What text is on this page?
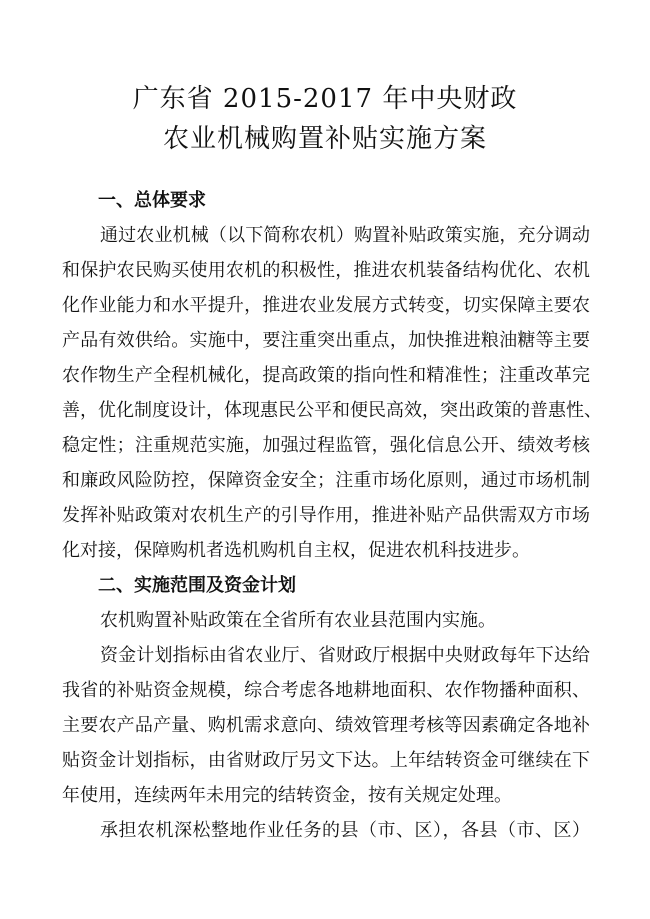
广东省 2015-2017 年中央财政
农业机械购置补贴实施方案
一、总体要求
通过农业机械（以下简称农机）购置补贴政策实施，充分调动
和保护农民购买使用农机的积极性，推进农机装备结构优化、农机
化作业能力和水平提升，推进农业发展方式转变，切实保障主要农
产品有效供给。实施中，要注重突出重点，加快推进粮油糖等主要
农作物生产全程机械化，提高政策的指向性和精准性；注重改革完
善，优化制度设计，体现惠民公平和便民高效，突出政策的普惠性、
稳定性；注重规范实施，加强过程监管，强化信息公开、绩效考核
和廉政风险防控，保障资金安全；注重市场化原则，通过市场机制
发挥补贴政策对农机生产的引导作用，推进补贴产品供需双方市场
化对接，保障购机者选机购机自主权，促进农机科技进步。
二、实施范围及资金计划
农机购置补贴政策在全省所有农业县范围内实施。
资金计划指标由省农业厅、省财政厅根据中央财政每年下达给
我省的补贴资金规模，综合考虑各地耕地面积、农作物播种面积、
主要农产品产量、购机需求意向、绩效管理考核等因素确定各地补
贴资金计划指标，由省财政厅另文下达。上年结转资金可继续在下
年使用，连续两年未用完的结转资金，按有关规定处理。
承担农机深松整地作业任务的县（市、区），各县（市、区）
